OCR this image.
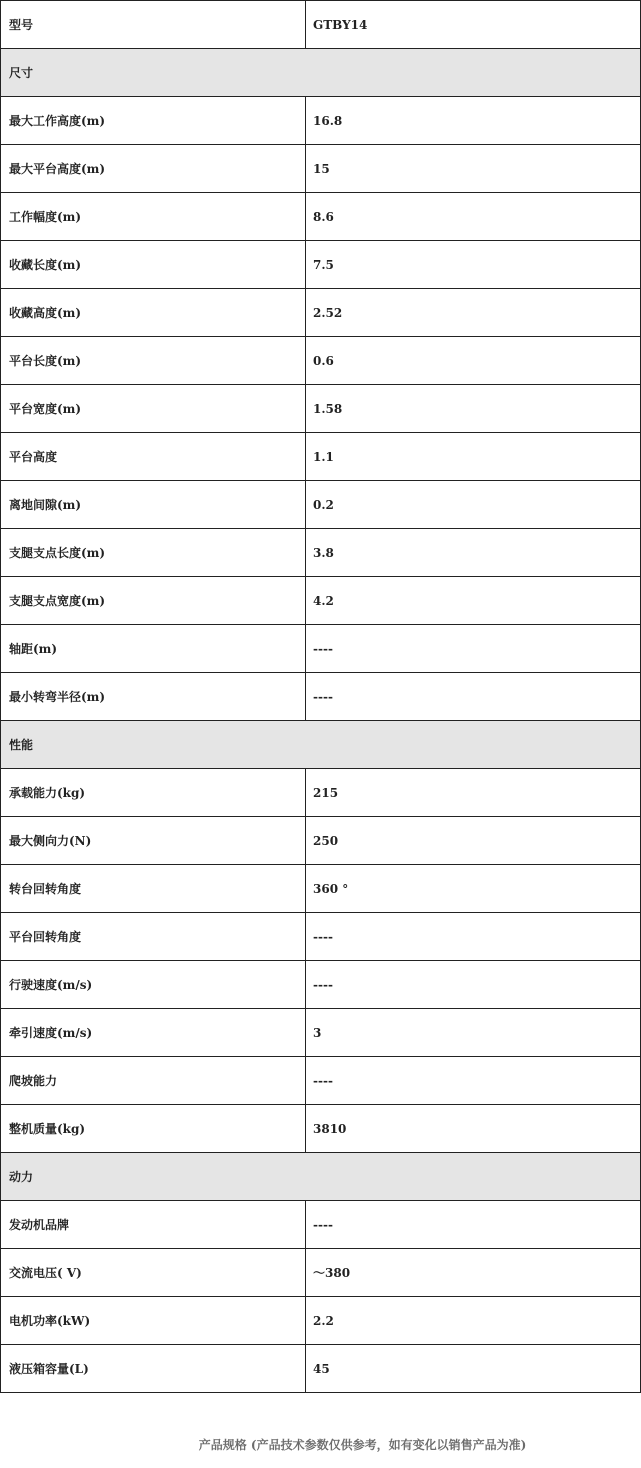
型号	GTBY14
尺寸	
最大工作高度(m)	16.8
最大平台高度(m)	15
工作幅度(m)	8.6
收藏长度(m)	7.5
收藏高度(m)	2.52
平台长度(m)	0.6
平台宽度(m)	1.58
平台高度	1.1
离地间隙(m)	0.2
支腿支点长度(m)	3.8
支腿支点宽度(m)	4.2
轴距(m)	----
最小转弯半径(m)	----
性能	
承载能力(kg)	215
最大侧向力(N)	250
转台回转角度	360 °
平台回转角度	----
行驶速度(m/s)	----
牵引速度(m/s)	3
爬坡能力	----
整机质量(kg)	3810
动力	
发动机品牌	----
交流电压( V)	～380
电机功率(kW)	2.2
液压箱容量(L)	45
产品规格 (产品技术参数仅供参考，如有变化以销售产品为准)
